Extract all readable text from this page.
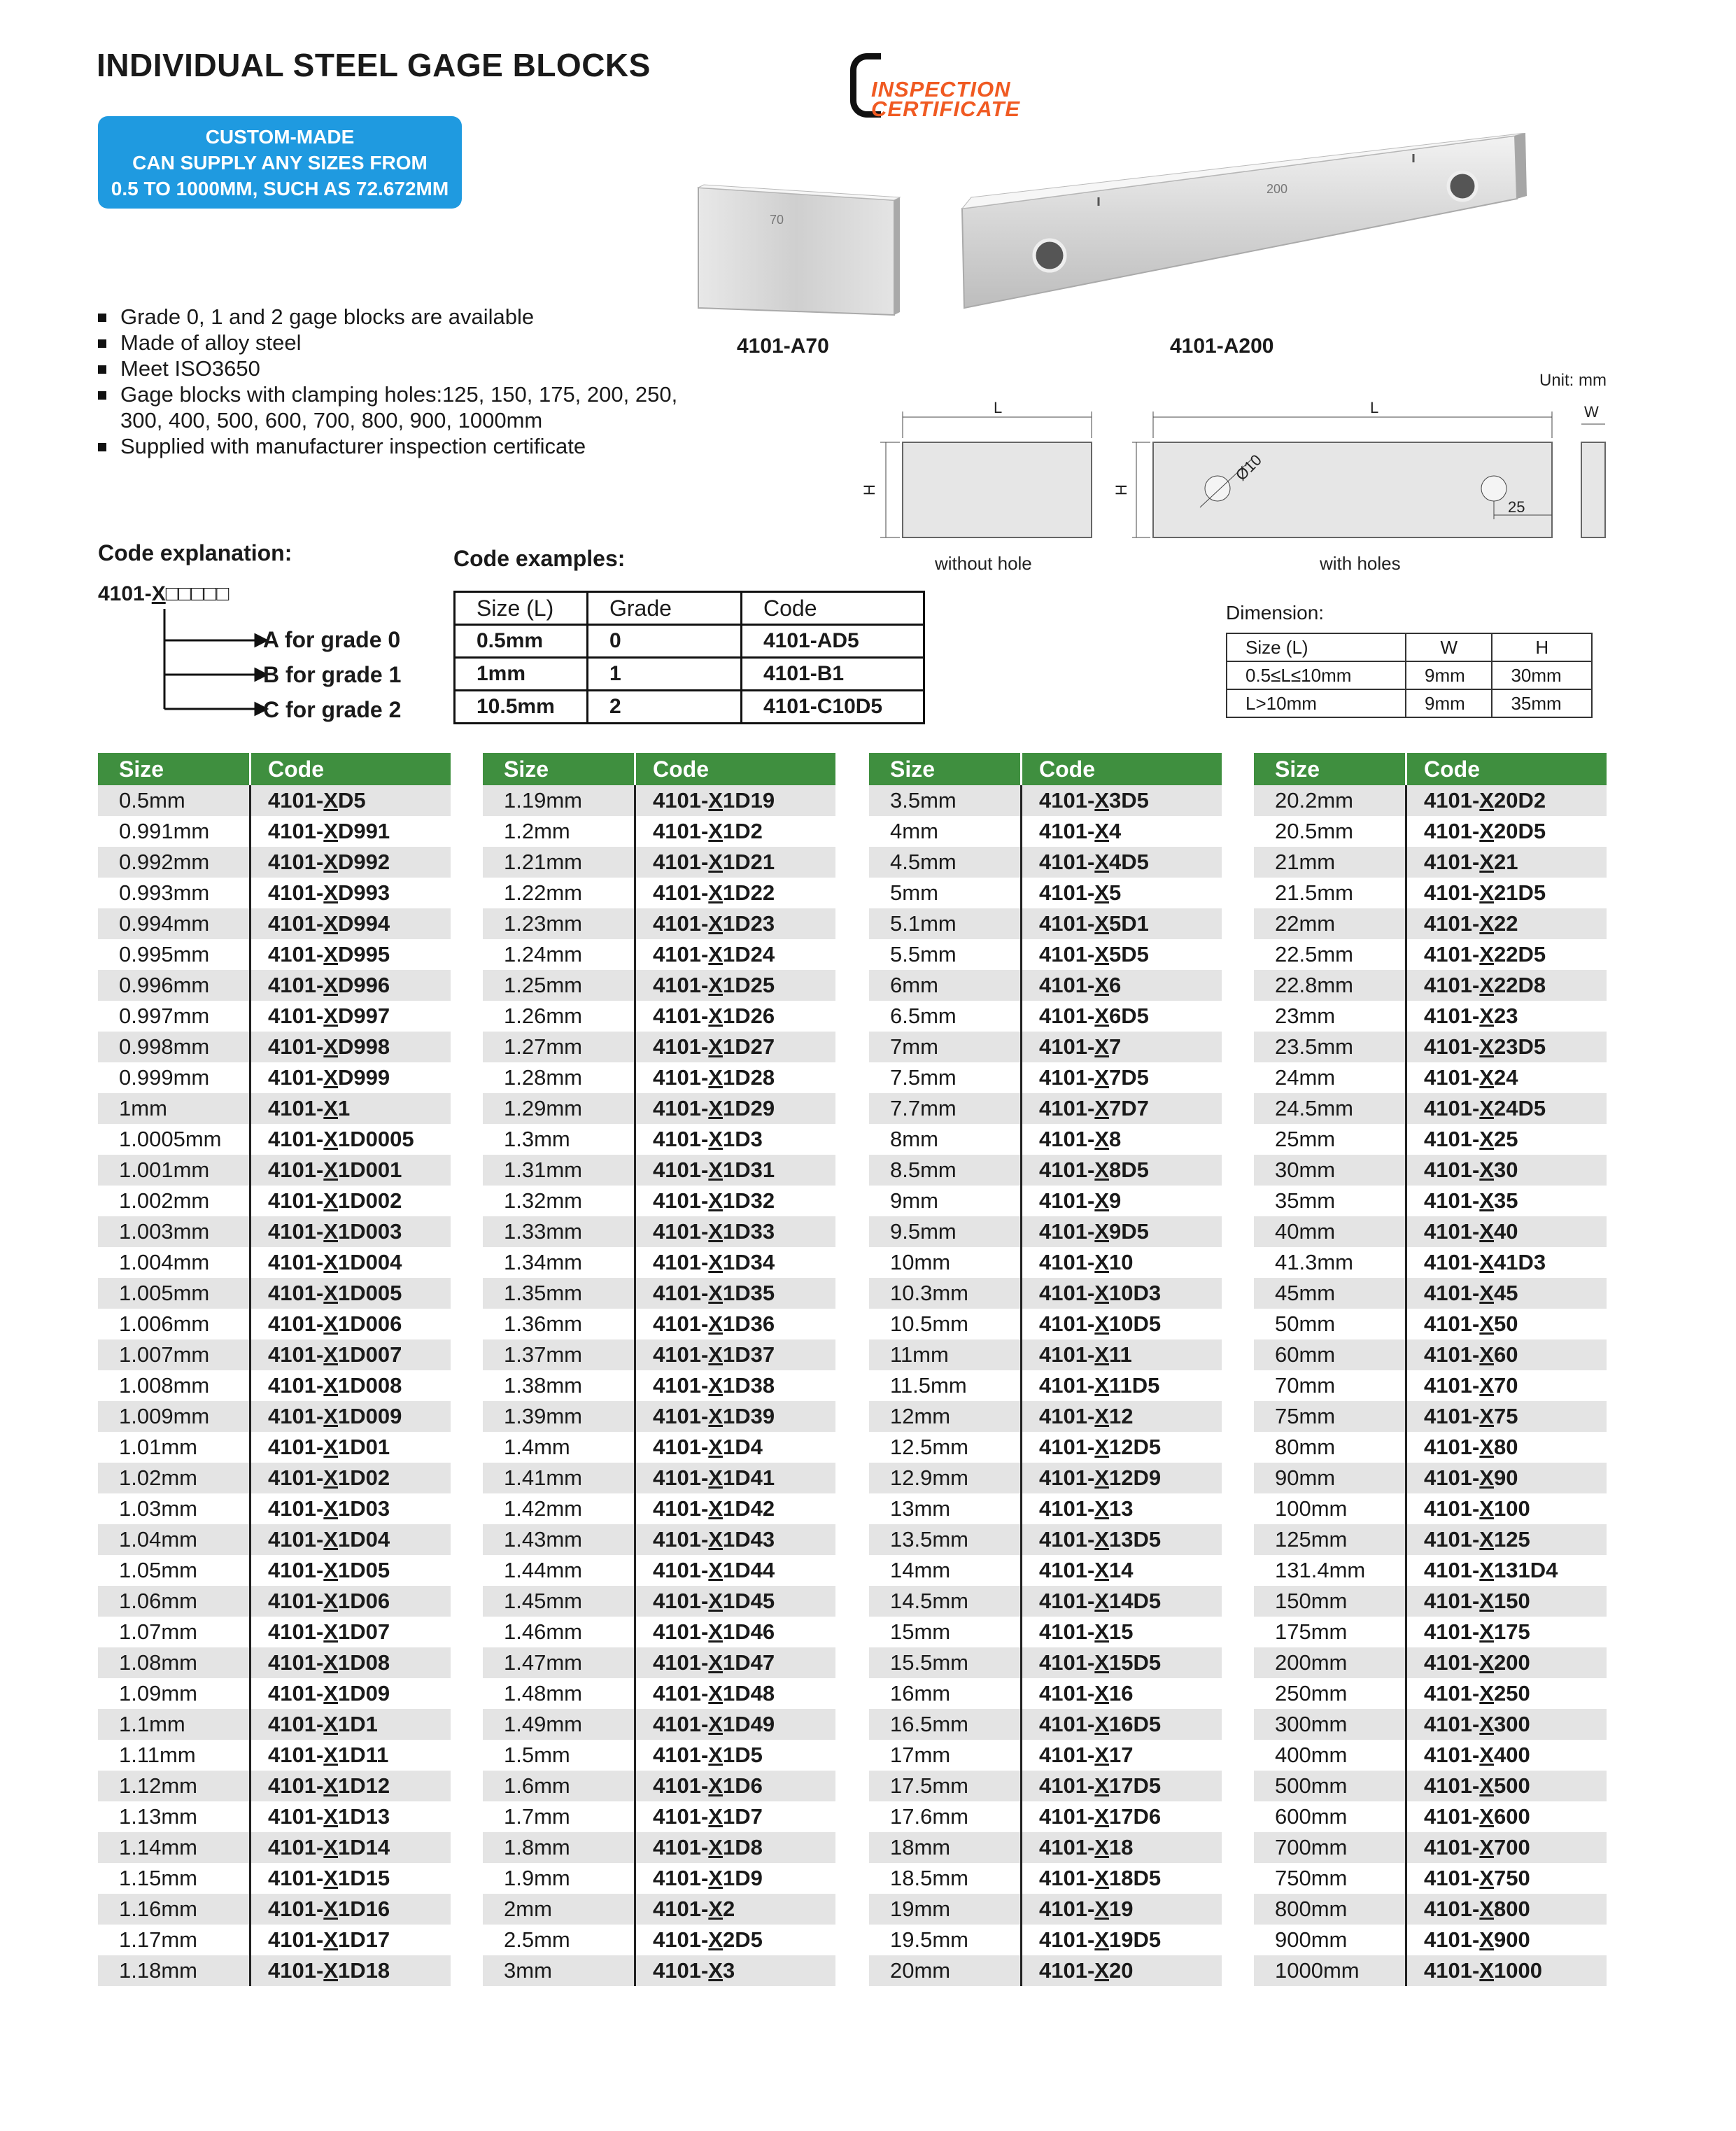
INDIVIDUAL STEEL GAGE BLOCKS
CUSTOM-MADE
CAN SUPPLY ANY SIZES FROM
0.5 TO 1000MM, SUCH AS 72.672MM
INSPECTION
CERTIFICATE
Grade 0, 1 and 2 gage blocks are available
Made of alloy steel
Meet ISO3650
Gage blocks with clamping holes:125, 150, 175, 200, 250, 300, 400, 500, 600, 700, 800, 900, 1000mm
Supplied with manufacturer inspection certificate
70
200
4101-A70	4101-A200
Unit: mm
L
H
L
H
Ø10
25
W
without hole	with holes
Code explanation:
4101-X□□□□□
A for grade 0
B for grade 1
C for grade 2
Code examples:
Size (L)	Grade	Code
0.5mm	0	4101-AD5
1mm	1	4101-B1
10.5mm	2	4101-C10D5
Dimension:
Size (L)	W	H
0.5≤L≤10mm	9mm	30mm
L>10mm	9mm	35mm
Size	Code
0.5mm	4101-XD5
0.991mm	4101-XD991
0.992mm	4101-XD992
0.993mm	4101-XD993
0.994mm	4101-XD994
0.995mm	4101-XD995
0.996mm	4101-XD996
0.997mm	4101-XD997
0.998mm	4101-XD998
0.999mm	4101-XD999
1mm	4101-X1
1.0005mm	4101-X1D0005
1.001mm	4101-X1D001
1.002mm	4101-X1D002
1.003mm	4101-X1D003
1.004mm	4101-X1D004
1.005mm	4101-X1D005
1.006mm	4101-X1D006
1.007mm	4101-X1D007
1.008mm	4101-X1D008
1.009mm	4101-X1D009
1.01mm	4101-X1D01
1.02mm	4101-X1D02
1.03mm	4101-X1D03
1.04mm	4101-X1D04
1.05mm	4101-X1D05
1.06mm	4101-X1D06
1.07mm	4101-X1D07
1.08mm	4101-X1D08
1.09mm	4101-X1D09
1.1mm	4101-X1D1
1.11mm	4101-X1D11
1.12mm	4101-X1D12
1.13mm	4101-X1D13
1.14mm	4101-X1D14
1.15mm	4101-X1D15
1.16mm	4101-X1D16
1.17mm	4101-X1D17
1.18mm	4101-X1D18
Size	Code
1.19mm	4101-X1D19
1.2mm	4101-X1D2
1.21mm	4101-X1D21
1.22mm	4101-X1D22
1.23mm	4101-X1D23
1.24mm	4101-X1D24
1.25mm	4101-X1D25
1.26mm	4101-X1D26
1.27mm	4101-X1D27
1.28mm	4101-X1D28
1.29mm	4101-X1D29
1.3mm	4101-X1D3
1.31mm	4101-X1D31
1.32mm	4101-X1D32
1.33mm	4101-X1D33
1.34mm	4101-X1D34
1.35mm	4101-X1D35
1.36mm	4101-X1D36
1.37mm	4101-X1D37
1.38mm	4101-X1D38
1.39mm	4101-X1D39
1.4mm	4101-X1D4
1.41mm	4101-X1D41
1.42mm	4101-X1D42
1.43mm	4101-X1D43
1.44mm	4101-X1D44
1.45mm	4101-X1D45
1.46mm	4101-X1D46
1.47mm	4101-X1D47
1.48mm	4101-X1D48
1.49mm	4101-X1D49
1.5mm	4101-X1D5
1.6mm	4101-X1D6
1.7mm	4101-X1D7
1.8mm	4101-X1D8
1.9mm	4101-X1D9
2mm	4101-X2
2.5mm	4101-X2D5
3mm	4101-X3
Size	Code
3.5mm	4101-X3D5
4mm	4101-X4
4.5mm	4101-X4D5
5mm	4101-X5
5.1mm	4101-X5D1
5.5mm	4101-X5D5
6mm	4101-X6
6.5mm	4101-X6D5
7mm	4101-X7
7.5mm	4101-X7D5
7.7mm	4101-X7D7
8mm	4101-X8
8.5mm	4101-X8D5
9mm	4101-X9
9.5mm	4101-X9D5
10mm	4101-X10
10.3mm	4101-X10D3
10.5mm	4101-X10D5
11mm	4101-X11
11.5mm	4101-X11D5
12mm	4101-X12
12.5mm	4101-X12D5
12.9mm	4101-X12D9
13mm	4101-X13
13.5mm	4101-X13D5
14mm	4101-X14
14.5mm	4101-X14D5
15mm	4101-X15
15.5mm	4101-X15D5
16mm	4101-X16
16.5mm	4101-X16D5
17mm	4101-X17
17.5mm	4101-X17D5
17.6mm	4101-X17D6
18mm	4101-X18
18.5mm	4101-X18D5
19mm	4101-X19
19.5mm	4101-X19D5
20mm	4101-X20
Size	Code
20.2mm	4101-X20D2
20.5mm	4101-X20D5
21mm	4101-X21
21.5mm	4101-X21D5
22mm	4101-X22
22.5mm	4101-X22D5
22.8mm	4101-X22D8
23mm	4101-X23
23.5mm	4101-X23D5
24mm	4101-X24
24.5mm	4101-X24D5
25mm	4101-X25
30mm	4101-X30
35mm	4101-X35
40mm	4101-X40
41.3mm	4101-X41D3
45mm	4101-X45
50mm	4101-X50
60mm	4101-X60
70mm	4101-X70
75mm	4101-X75
80mm	4101-X80
90mm	4101-X90
100mm	4101-X100
125mm	4101-X125
131.4mm	4101-X131D4
150mm	4101-X150
175mm	4101-X175
200mm	4101-X200
250mm	4101-X250
300mm	4101-X300
400mm	4101-X400
500mm	4101-X500
600mm	4101-X600
700mm	4101-X700
750mm	4101-X750
800mm	4101-X800
900mm	4101-X900
1000mm	4101-X1000
